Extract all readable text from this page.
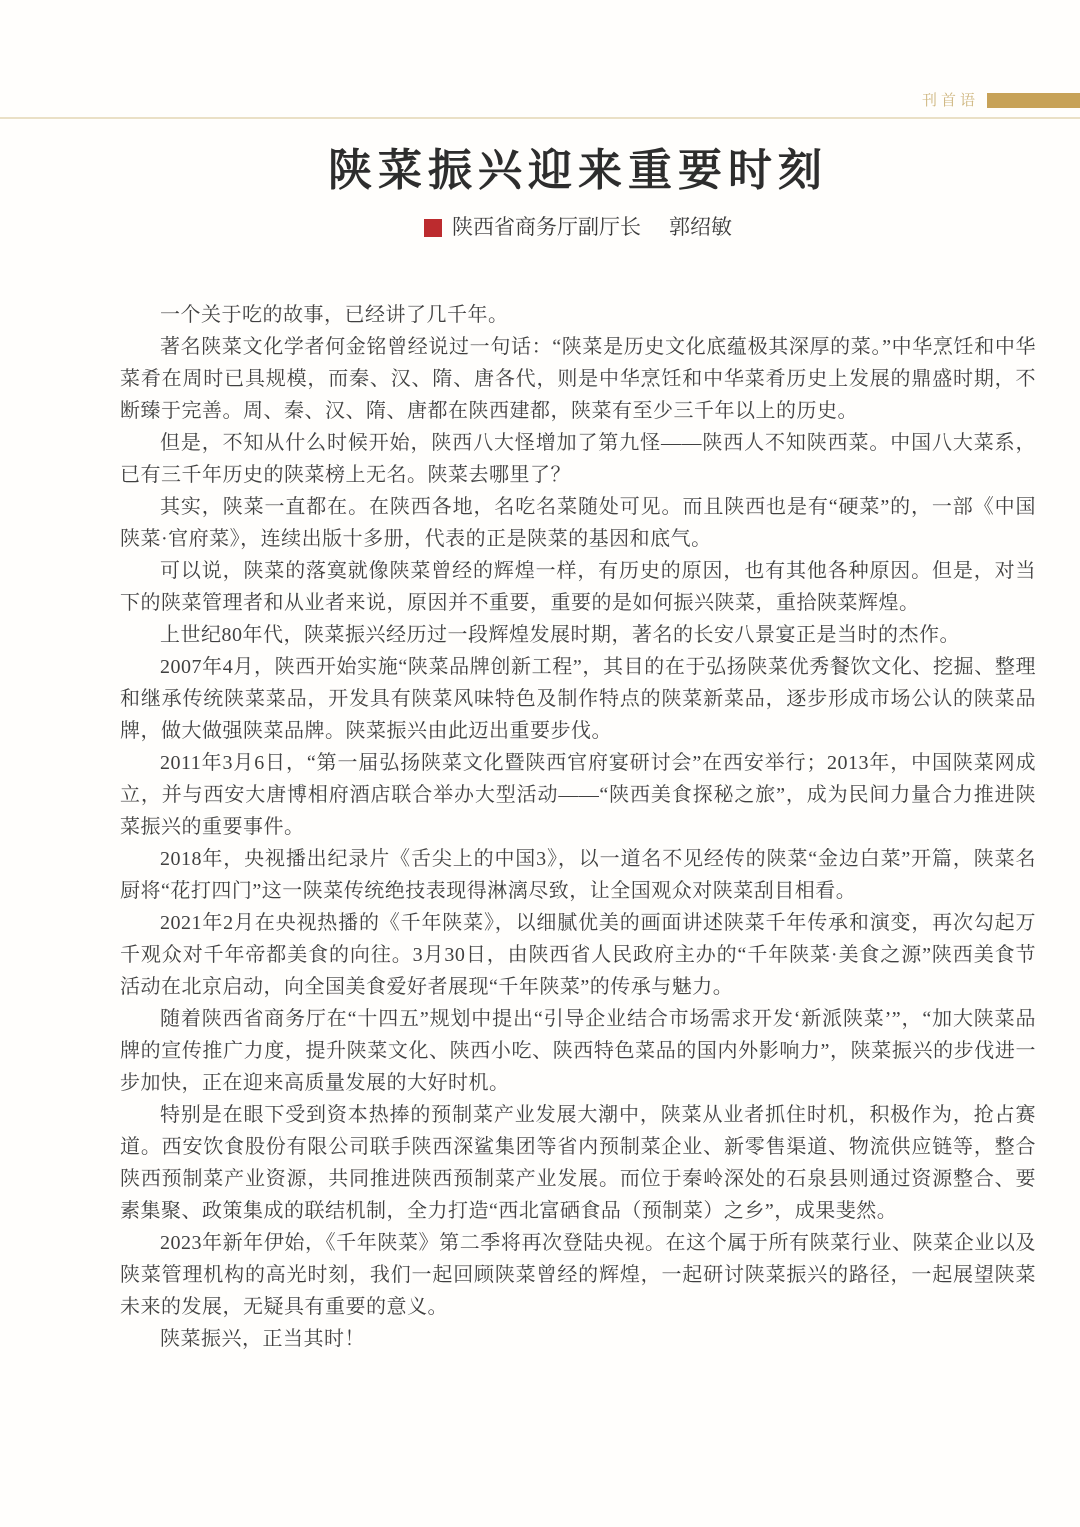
刊首语
陕菜振兴迎来重要时刻
陕西省商务厅副厅长 郭绍敏

一个关于吃的故事，已经讲了几千年。

著名陕菜文化学者何金铭曾经说过一句话：“陕菜是历史文化底蕴极其深厚的菜。”中华烹饪和中华菜肴在周时已具规模，而秦、汉、隋、唐各代，则是中华烹饪和中华菜肴历史上发展的鼎盛时期，不断臻于完善。周、秦、汉、隋、唐都在陕西建都，陕菜有至少三千年以上的历史。

但是，不知从什么时候开始，陕西八大怪增加了第九怪——陕西人不知陕西菜。中国八大菜系，已有三千年历史的陕菜榜上无名。陕菜去哪里了？

其实，陕菜一直都在。在陕西各地，名吃名菜随处可见。而且陕西也是有“硬菜”的，一部《中国陕菜·官府菜》，连续出版十多册，代表的正是陕菜的基因和底气。

可以说，陕菜的落寞就像陕菜曾经的辉煌一样，有历史的原因，也有其他各种原因。但是，对当下的陕菜管理者和从业者来说，原因并不重要，重要的是如何振兴陕菜，重拾陕菜辉煌。

上世纪80年代，陕菜振兴经历过一段辉煌发展时期，著名的长安八景宴正是当时的杰作。

2007年4月，陕西开始实施“陕菜品牌创新工程”，其目的在于弘扬陕菜优秀餐饮文化、挖掘、整理和继承传统陕菜菜品，开发具有陕菜风味特色及制作特点的陕菜新菜品，逐步形成市场公认的陕菜品牌，做大做强陕菜品牌。陕菜振兴由此迈出重要步伐。

2011年3月6日，“第一届弘扬陕菜文化暨陕西官府宴研讨会”在西安举行；2013年，中国陕菜网成立，并与西安大唐博相府酒店联合举办大型活动——“陕西美食探秘之旅”，成为民间力量合力推进陕菜振兴的重要事件。

2018年，央视播出纪录片《舌尖上的中国3》，以一道名不见经传的陕菜“金边白菜”开篇，陕菜名厨将“花打四门”这一陕菜传统绝技表现得淋漓尽致，让全国观众对陕菜刮目相看。

2021年2月在央视热播的《千年陕菜》，以细腻优美的画面讲述陕菜千年传承和演变，再次勾起万千观众对千年帝都美食的向往。3月30日，由陕西省人民政府主办的“千年陕菜·美食之源”陕西美食节活动在北京启动，向全国美食爱好者展现“千年陕菜”的传承与魅力。

随着陕西省商务厅在“十四五”规划中提出“引导企业结合市场需求开发‘新派陕菜’”，“加大陕菜品牌的宣传推广力度，提升陕菜文化、陕西小吃、陕西特色菜品的国内外影响力”，陕菜振兴的步伐进一步加快，正在迎来高质量发展的大好时机。

特别是在眼下受到资本热捧的预制菜产业发展大潮中，陕菜从业者抓住时机，积极作为，抢占赛道。西安饮食股份有限公司联手陕西深鲨集团等省内预制菜企业、新零售渠道、物流供应链等，整合陕西预制菜产业资源，共同推进陕西预制菜产业发展。而位于秦岭深处的石泉县则通过资源整合、要素集聚、政策集成的联结机制，全力打造“西北富硒食品（预制菜）之乡”，成果斐然。

2023年新年伊始，《千年陕菜》第二季将再次登陆央视。在这个属于所有陕菜行业、陕菜企业以及陕菜管理机构的高光时刻，我们一起回顾陕菜曾经的辉煌，一起研讨陕菜振兴的路径，一起展望陕菜未来的发展，无疑具有重要的意义。

陕菜振兴，正当其时！
